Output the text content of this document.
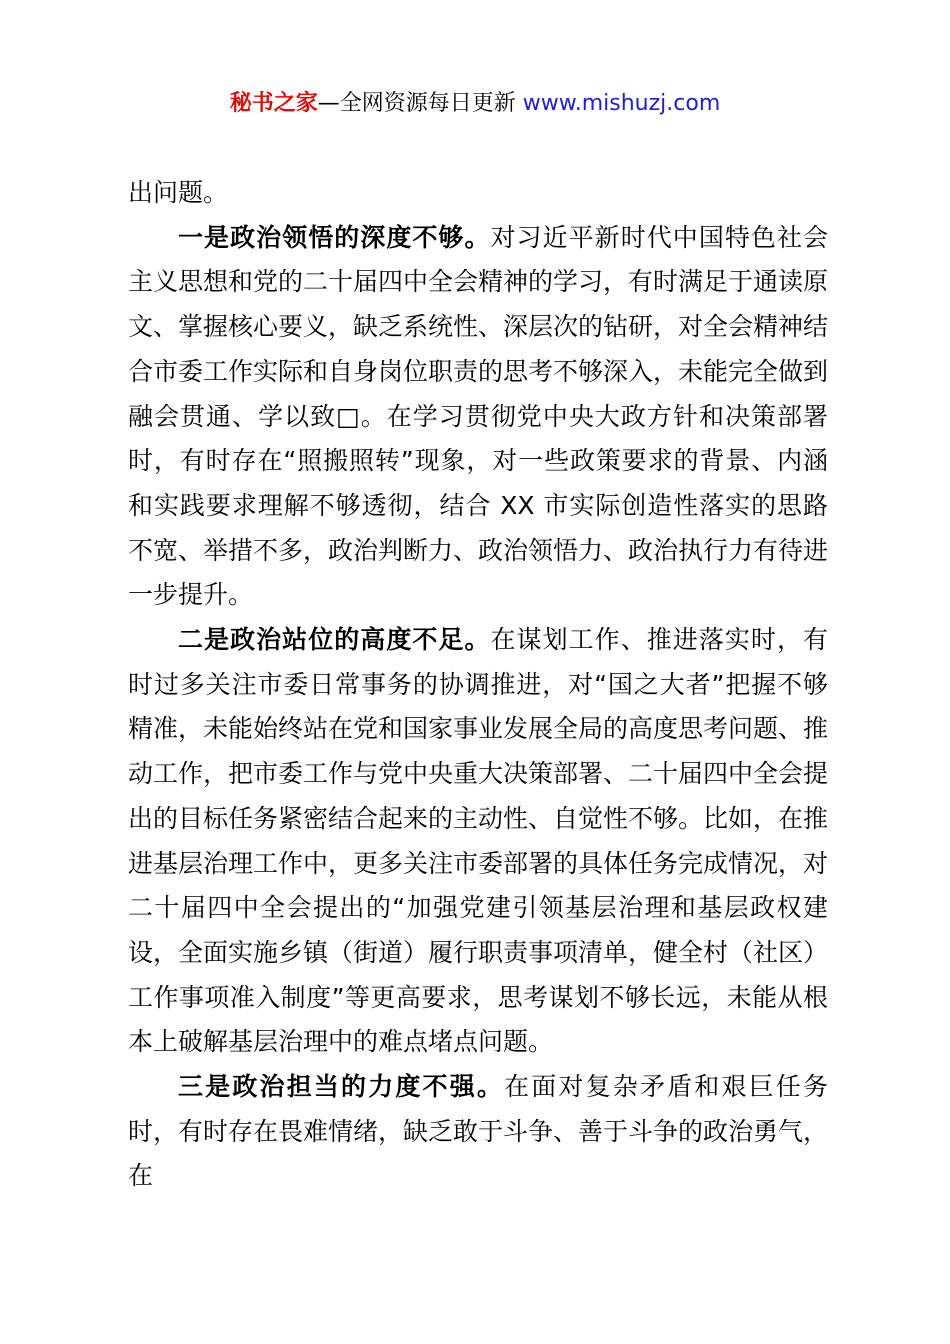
秘书之家—全网资源每日更新 www.mishuzj.com

出问题。

一是政治领悟的深度不够。对习近平新时代中国特色社会主义思想和党的二十届四中全会精神的学习，有时满足于通读原文、掌握核心要义，缺乏系统性、深层次的钻研，对全会精神结合市委工作实际和自身岗位职责的思考不够深入，未能完全做到融会贯通、学以致□。在学习贯彻党中央大政方针和决策部署时，有时存在“照搬照转”现象，对一些政策要求的背景、内涵和实践要求理解不够透彻，结合 XX 市实际创造性落实的思路不宽、举措不多，政治判断力、政治领悟力、政治执行力有待进一步提升。

二是政治站位的高度不足。在谋划工作、推进落实时，有时过多关注市委日常事务的协调推进，对“国之大者”把握不够精准，未能始终站在党和国家事业发展全局的高度思考问题、推动工作，把市委工作与党中央重大决策部署、二十届四中全会提出的目标任务紧密结合起来的主动性、自觉性不够。比如，在推进基层治理工作中，更多关注市委部署的具体任务完成情况，对二十届四中全会提出的“加强党建引领基层治理和基层政权建设，全面实施乡镇（街道）履行职责事项清单，健全村（社区）工作事项准入制度”等更高要求，思考谋划不够长远，未能从根本上破解基层治理中的难点堵点问题。

三是政治担当的力度不强。在面对复杂矛盾和艰巨任务时，有时存在畏难情绪，缺乏敢于斗争、善于斗争的政治勇气，在
